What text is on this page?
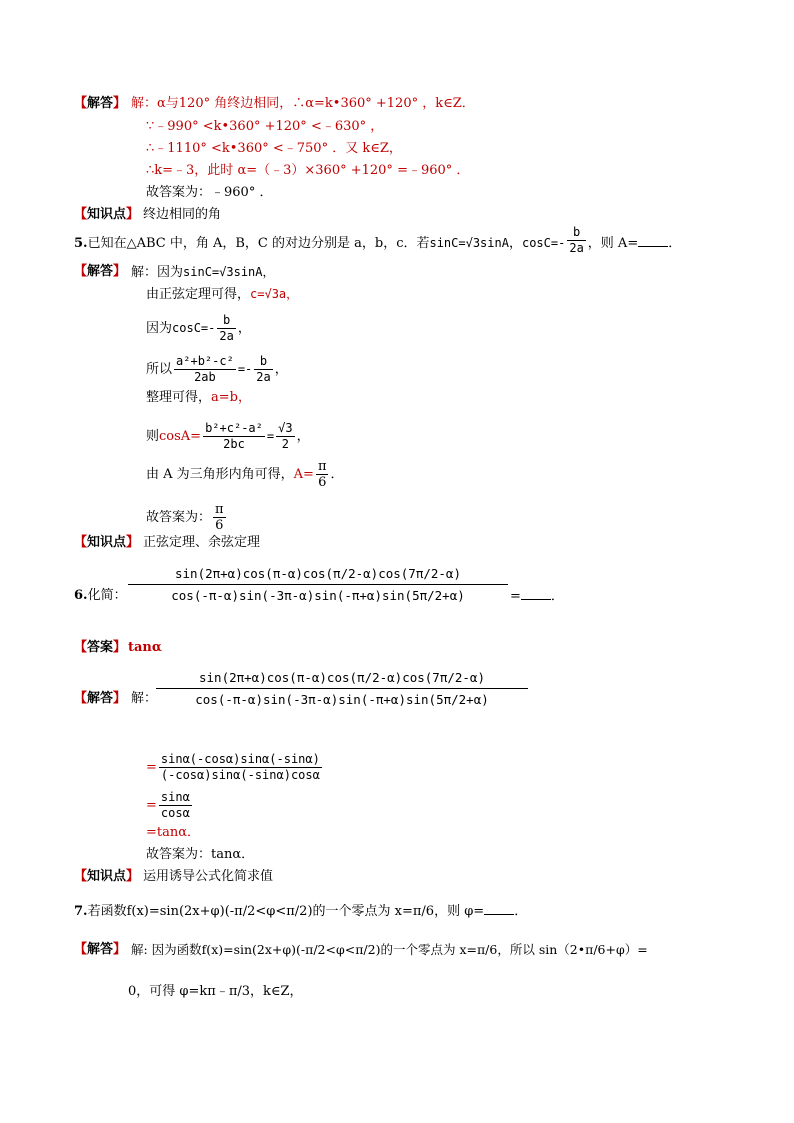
【解答】 解：α与120° 角终边相同，∴α=k•360° +120° ，k∈Z．
∵﹣990° <k•360° +120° <﹣630° ，
∴﹣1110° <k•360° <﹣750° ．又 k∈Z，
∴k=﹣3，此时 α=（﹣3）×360° +120° =﹣960° ．
故答案为：﹣960° ．
【知识点】 终边相同的角
5.已知在△ABC 中，角 A，B，C 的对边分别是 a，b，c．若sinC=√3sinA，$\cos C=- \frac{b}{2a}$ ，则 A= ．
【解答】 解：因为sinC=√3sinA，
由正弦定理可得，c=√3a，
因为$\cos C=- \frac{b}{2a}$ ，
所以 $\frac{\text{a²+b²-c²}}{2ab} =- \frac{b}{2a}$ ，
整理可得，a=b，
则$\cos A= \frac{\text{b²+c²-a²}}{2bc} = \frac{√3}{2}$ ，
由 A 为三角形内角可得，$A= \frac{\pi}{6}$ ．
故答案为： $\frac{\pi}{6}$
【知识点】 正弦定理、余弦定理
6.化简：
sin(2π+α)cos(π-α)cos(π/2-α)cos(7π/2-α)
cos(-π-α)sin(-3π-α)sin(-π+α)sin(5π/2+α)	= ．
【答案】 tanα
【解答】 解：
sin(2π+α)cos(π-α)cos(π/2-α)cos(7π/2-α)
cos(-π-α)sin(-3π-α)sin(-π+α)sin(5π/2+α)
= $\frac{\sin\alpha(-\cos\alpha)\sin\alpha(-\sin\alpha)}{(-\cos\alpha)\sin\alpha(-\sin\alpha)\cos\alpha}$
= $\frac{\sin\alpha}{\cos\alpha}$
=tanα．
故答案为：tanα．
【知识点】 运用诱导公式化简求值
7.若函数f(x)=sin(2x+φ)(-π/2<φ<π/2)的一个零点为 x=π/6，则 φ= ．
【解答】 解: 因为函数f(x)=sin(2x+φ)(-π/2<φ<π/2)的一个零点为 x=π/6，所以 sin（2•π/6+φ）=
0，可得 φ=kπ﹣π/3，k∈Z，
